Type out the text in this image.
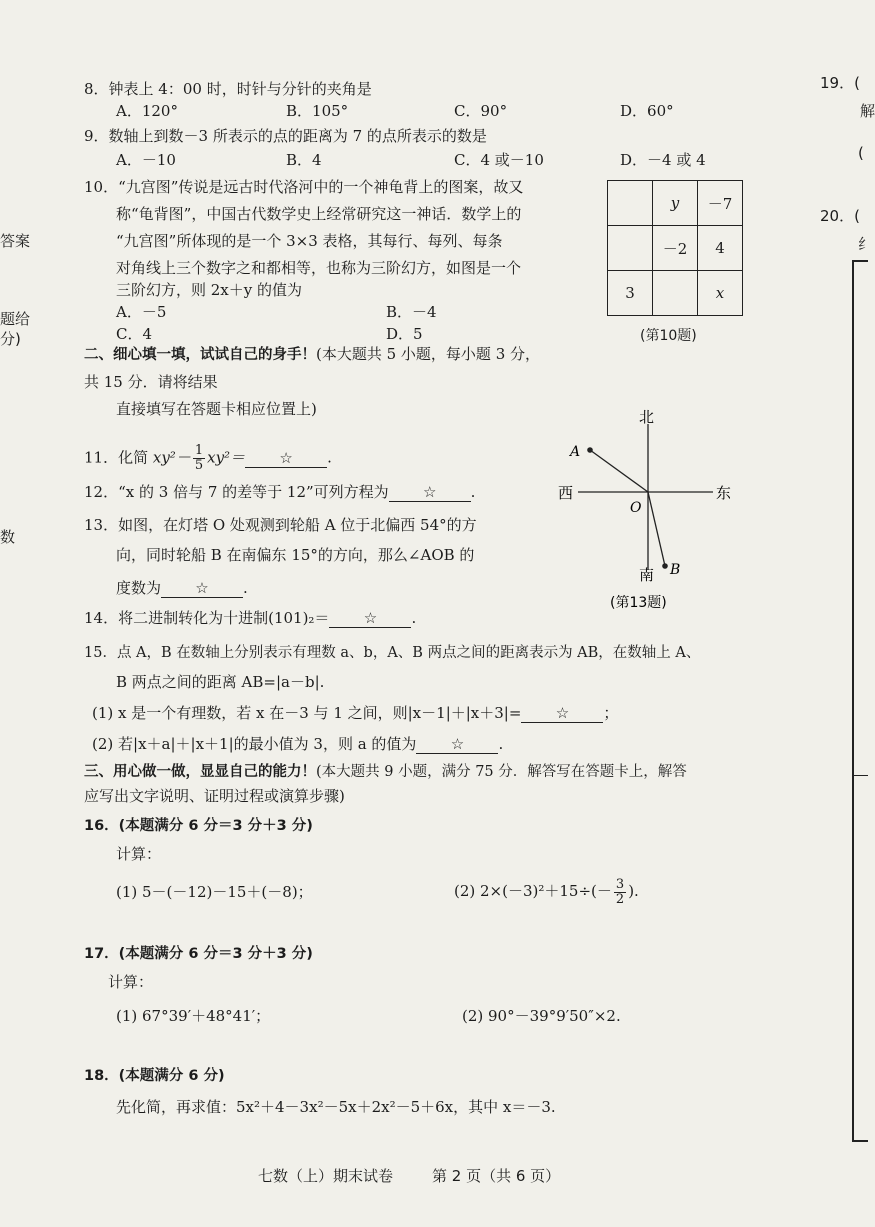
答案
题给
分)
数
19．(
解
(
20．(
纟
8．钟表上 4：00 时，时针与分针的夹角是
A．120°	B．105°	C．90°	D．60°
9．数轴上到数－3 所表示的点的距离为 7 的点所表示的数是
A．－10	B．4	C．4 或－10	D．－4 或 4
10．“九宫图”传说是远古时代洛河中的一个神龟背上的图案，故又
称“龟背图”，中国古代数学史上经常研究这一神话．数学上的
“九宫图”所体现的是一个 3×3 表格，其每行、每列、每条
对角线上三个数字之和都相等，也称为三阶幻方，如图是一个
三阶幻方，则 2x＋y 的值为
A．－5	B．－4
C．4	D．5
	y	－7
	－2	4
3		x
(第10题)
二、细心填一填，试试自己的身手！(本大题共 5 小题，每小题 3 分，
共 15 分．请将结果
直接填写在答题卡相应位置上)
11．化简 $xy^2- \frac{1}{5} xy^2=$ ☆ .
12．“x 的 3 倍与 7 的差等于 12”可列方程为 ☆ .
13．如图，在灯塔 O 处观测到轮船 A 位于北偏西 54°的方
向，同时轮船 B 在南偏东 15°的方向，那么∠AOB 的
度数为 ☆ .
北
南
东
西
O
A
B
(第13题)
14．将二进制转化为十进制(101)₂＝ ☆ .
15．点 A，B 在数轴上分别表示有理数 a、b，A、B 两点之间的距离表示为 AB，在数轴上 A、
B 两点之间的距离 AB=|a－b|.
(1) x 是一个有理数，若 x 在－3 与 1 之间，则|x－1|＋|x＋3|= ☆ ；
(2) 若|x＋a|＋|x＋1|的最小值为 3，则 a 的值为 ☆ .
三、用心做一做，显显自己的能力！(本大题共 9 小题，满分 75 分．解答写在答题卡上，解答
应写出文字说明、证明过程或演算步骤)
16．(本题满分 6 分＝3 分＋3 分)
计算：
(1) 5－(－12)－15＋(－8)；	(2) $2\times(-3)^2+15\div(- \frac{3}{2}$ ).
17．(本题满分 6 分＝3 分＋3 分)
计算：
(1) 67°39′＋48°41′；	(2) 90°－39°9′50″×2.
18．(本题满分 6 分)
先化简，再求值：5x²＋4－3x²－5x＋2x²－5＋6x，其中 x＝－3.
七数（上）期末试卷	第 2 页（共 6 页）
